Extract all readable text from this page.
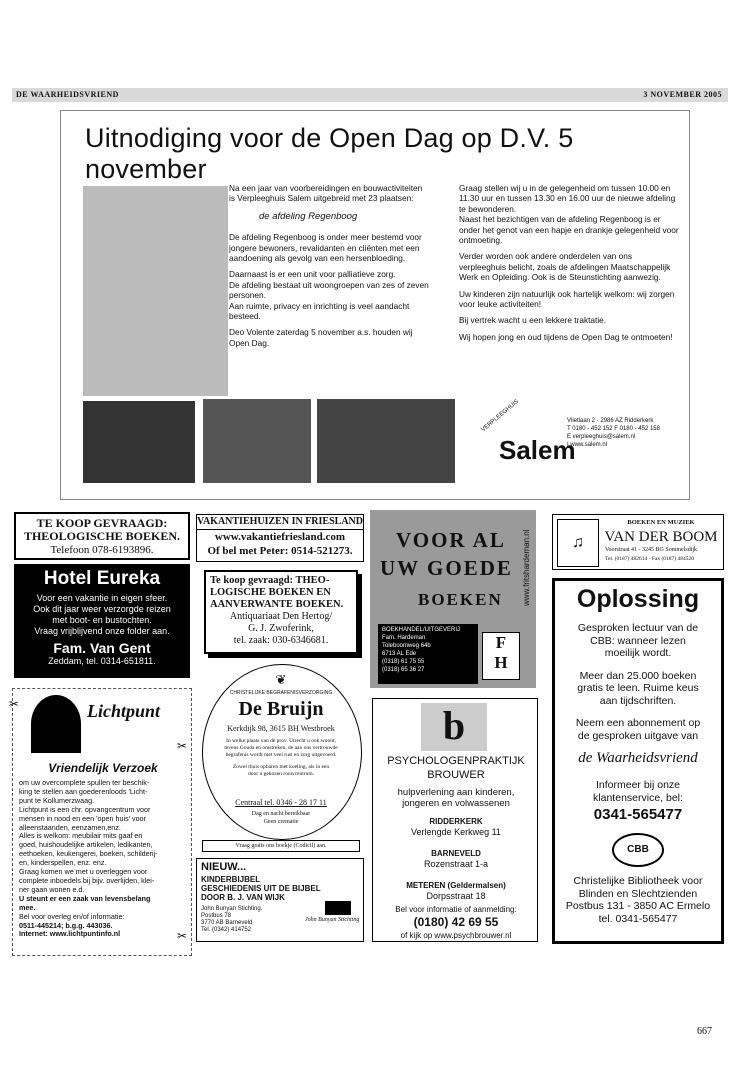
DE WAARHEIDSVRIEND	3 NOVEMBER 2005
Uitnodiging voor de Open Dag op D.V. 5 november

Na een jaar van voorbereidingen en bouwactiviteiten is Verpleeghuis Salem uitgebreid met 23 plaatsen:

de afdeling Regenboog

De afdeling Regenboog is onder meer bestemd voor jongere bewoners, revalidanten en cliënten met een aandoening als gevolg van een hersenbloeding.

Daarnaast is er een unit voor palliatieve zorg.

De afdeling bestaat uit woongroepen van zes of zeven personen.

Aan ruimte, privacy en inrichting is veel aandacht besteed.

Deo Volente zaterdag 5 november a.s. houden wij Open Dag.

Graag stellen wij u in de gelegenheid om tussen 10.00 en 11.30 uur en tussen 13.30 en 16.00 uur de nieuwe afdeling te bewonderen.

Naast het bezichtigen van de afdeling Regenboog is er onder het genot van een hapje en drankje gelegenheid voor ontmoeting.

Verder worden ook andere onderdelen van ons verpleeghuis belicht, zoals de afdelingen Maatschappelijk Werk en Opleiding. Ook is de Steunstichting aanwezig.

Uw kinderen zijn natuurlijk ook hartelijk welkom: wij zorgen voor leuke activiteiten!

Bij vertrek wacht u een lekkere traktatie.

Wij hopen jong en oud tijdens de Open Dag te ontmoeten!

VERPLEEGHUIS
Salem
Vlietlaan 2 · 2986 AZ Ridderkerk
T 0180 - 452 152 F 0180 - 452 158
E verpleeghuis@salem.nl
I www.salem.nl
TE KOOP GEVRAAGD:
THEOLOGISCHE BOEKEN.
Telefoon 078-6193896.
Hotel Eureka
Voor een vakantie in eigen sfeer.
Ook dit jaar weer verzorgde reizen
met boot- en bustochten.
Vraag vrijblijvend onze folder aan.
Fam. Van Gent
Zeddam, tel. 0314-651811.
✂	Lichtpunt
Vriendelijk Verzoek
✂
om uw overcomplete spullen ter beschik-
king te stellen aan goederenloods 'Licht-
punt te Kollumerzwaag.
Lichtpunt is een chr. opvangcentrum voor
mensen in nood en een 'open huis' voor
alleenstaanden, eenzamen,enz.
Alles is welkom: meubilair mits gaaf en
goed, huishoudelijke artikelen, ledikanten,
eethoeken, keukengerei, boeken, schilderij-
en, kinderspellen, enz. enz.
Graag komen we met u overleggen voor
complete inboedels bij bijv. overlijden, klei-
ner gaan wonen e.d.
U steunt er een zaak van levensbelang
mee.
Bel voor overleg en/of informatie:
0511-445214; b.g.g. 443036.
Internet: www.lichtpuntinfo.nl	✂
VAKANTIEHUIZEN IN FRIESLAND
www.vakantiefriesland.com
Of bel met Peter: 0514-521273.
Te koop gevraagd: THEO-
LOGISCHE BOEKEN EN
AANVERWANTE BOEKEN.
Antiquariaat Den Hertog/
G. J. Zwoferink,
tel. zaak: 030-6346681.
❦
CHRISTELIJKE BEGRAFENISVERZORGING
De Bruijn
Kerkdijk 98, 3615 BH Westbroek
In welke plaats van de prov. Utrecht u ook woont,
tevens Gouda en omstreken, de aan ons vertrouwde
begrafenis wordt met veel rust en zorg uitgevoerd.
Zowel thuis opbaren met koeling, als in een
door u gekozen rouwcentrum.
Centraal tel. 0346 - 28 17 11
Dag en nacht bereikbaar
Geen crematie
Vraag gratis ons boekje (Codicil) aan.
NIEUW...
KINDERBIJBEL
GESCHIEDENIS UIT DE BIJBEL
DOOR B. J. VAN WIJK
John Bunyan Stichting.
Postbus 78
3770 AB Barneveld
Tel. (0342) 414752
John Bunyan Stichting
VOOR AL
UW GOEDE
BOEKEN
BOEKHANDEL/UITGEVERIJ
Fam. Hardeman
Toleboomweg 64b
6713 AL Ede
(0318) 61 75 55
(0318) 65 36 27
F
H
www.fritshardeman.nl
b
PSYCHOLOGENPRAKTIJK
BROUWER
hulpverlening aan kinderen,
jongeren en volwassenen
RIDDERKERK
Verlengde Kerkweg 11
BARNEVELD
Rozenstraat 1-a
METEREN (Geldermalsen)
Dorpsstraat 18
Bel voor informatie of aanmelding:
(0180) 42 69 55
of kijk op www.psychbrouwer.nl
♫
BOEKEN EN MUZIEK
VAN DER BOOM
Voorstraat 41 - 3245 BG Sommelsdijk
Tel. (0187) 482614 - Fax (0187) 484520
Oplossing
Gesproken lectuur van de
CBB: wanneer lezen
moeilijk wordt.
Meer dan 25.000 boeken
gratis te leen. Ruime keus
aan tijdschriften.
Neem een abonnement op
de gesproken uitgave van
de Waarheidsvriend
Informeer bij onze
klantenservice, bel:
0341-565477
CBB
Christelijke Bibliotheek voor
Blinden en Slechtzienden
Postbus 131 - 3850 AC Ermelo
tel. 0341-565477
667
